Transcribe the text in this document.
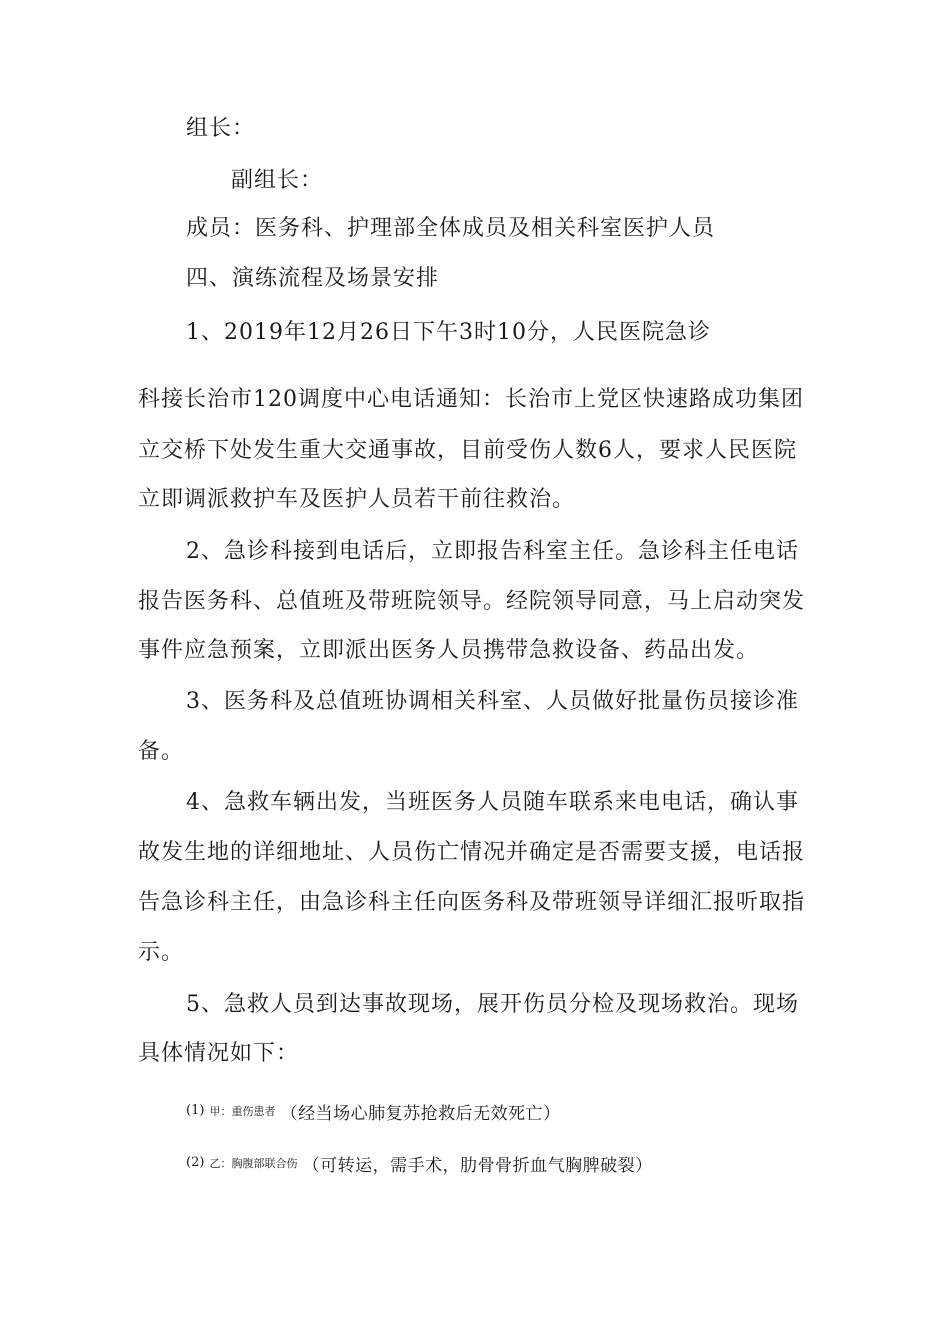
组长：
副组长：
成员：医务科、护理部全体成员及相关科室医护人员
四、演练流程及场景安排
1、2019年12月26日下午3时10分，人民医院急诊
科接长治市120调度中心电话通知：长治市上党区快速路成功集团
立交桥下处发生重大交通事故，目前受伤人数6人，要求人民医院
立即调派救护车及医护人员若干前往救治。
2、急诊科接到电话后，立即报告科室主任。急诊科主任电话
报告医务科、总值班及带班院领导。经院领导同意，马上启动突发
事件应急预案，立即派出医务人员携带急救设备、药品出发。
3、医务科及总值班协调相关科室、人员做好批量伤员接诊准
备。
4、急救车辆出发，当班医务人员随车联系来电电话，确认事
故发生地的详细地址、人员伤亡情况并确定是否需要支援，电话报
告急诊科主任，由急诊科主任向医务科及带班领导详细汇报听取指
示。
5、急救人员到达事故现场，展开伤员分检及现场救治。现场
具体情况如下：
$^{(1)}$ $^{甲:重伤患者}$ （经当场心肺复苏抢救后无效死亡）
$^{(2)}$ $^{乙:胸腹部联合伤}$ （可转运，需手术，肋骨骨折血气胸脾破裂）
